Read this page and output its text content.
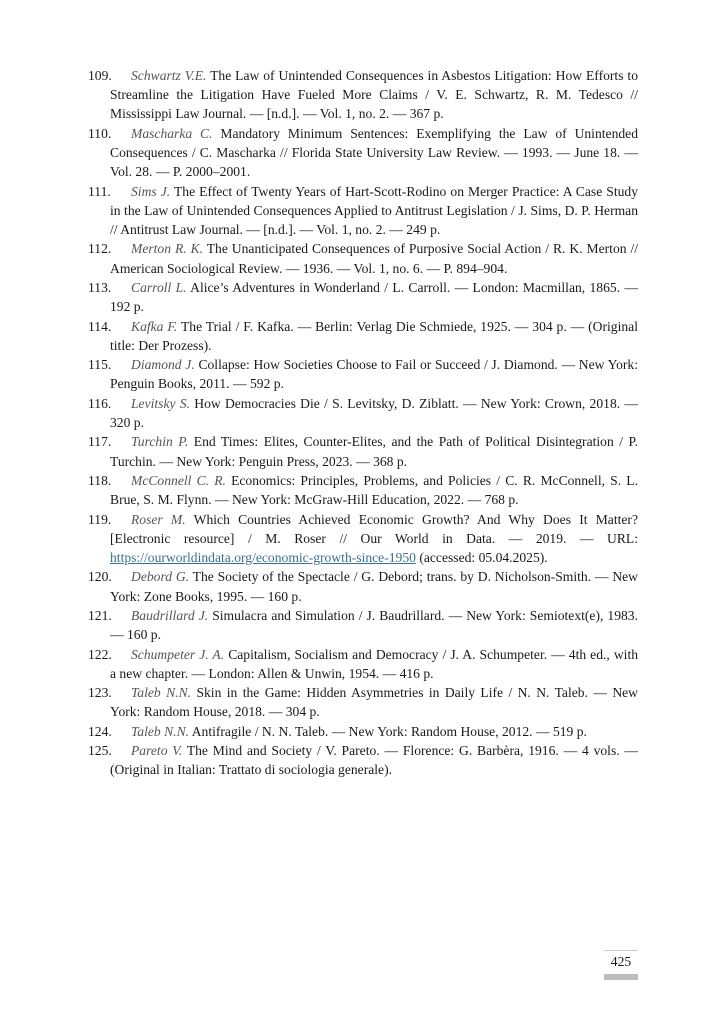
109.	Schwartz V.E. The Law of Unintended Consequences in Asbestos Litigation: How Efforts to Streamline the Litigation Have Fueled More Claims / V. E. Schwartz, R. M. Tedesco // Mississippi Law Journal. — [n.d.]. — Vol. 1, no. 2. — 367 p.
110.	Mascharka C. Mandatory Minimum Sentences: Exemplifying the Law of Unintended Consequences / C. Mascharka // Florida State University Law Review. — 1993. — June 18. — Vol. 28. — P. 2000–2001.
111.	Sims J. The Effect of Twenty Years of Hart-Scott-Rodino on Merger Practice: A Case Study in the Law of Unintended Consequences Applied to Antitrust Legislation / J. Sims, D. P. Herman // Antitrust Law Journal. — [n.d.]. — Vol. 1, no. 2. — 249 p.
112.	Merton R. K. The Unanticipated Consequences of Purposive Social Action / R. K. Merton // American Sociological Review. — 1936. — Vol. 1, no. 6. — P. 894–904.
113.	Carroll L. Alice’s Adventures in Wonderland / L. Carroll. — London: Macmillan, 1865. — 192 p.
114.	Kafka F. The Trial / F. Kafka. — Berlin: Verlag Die Schmiede, 1925. — 304 p. — (Original title: Der Prozess).
115.	Diamond J. Collapse: How Societies Choose to Fail or Succeed / J. Diamond. — New York: Penguin Books, 2011. — 592 p.
116.	Levitsky S. How Democracies Die / S. Levitsky, D. Ziblatt. — New York: Crown, 2018. — 320 p.
117.	Turchin P. End Times: Elites, Counter-Elites, and the Path of Political Disintegration / P. Turchin. — New York: Penguin Press, 2023. — 368 p.
118.	McConnell C. R. Economics: Principles, Problems, and Policies / C. R. McConnell, S. L. Brue, S. M. Flynn. — New York: McGraw-Hill Education, 2022. — 768 p.
119.	Roser M. Which Countries Achieved Economic Growth? And Why Does It Matter? [Electronic resource] / M. Roser // Our World in Data. — 2019. — URL: https://ourworldindata.org/economic-growth-since-1950 (accessed: 05.04.2025).
120.	Debord G. The Society of the Spectacle / G. Debord; trans. by D. Nicholson-Smith. — New York: Zone Books, 1995. — 160 p.
121.	Baudrillard J. Simulacra and Simulation / J. Baudrillard. — New York: Semiotext(e), 1983. — 160 p.
122.	Schumpeter J. A. Capitalism, Socialism and Democracy / J. A. Schumpeter. — 4th ed., with a new chapter. — London: Allen & Unwin, 1954. — 416 p.
123.	Taleb N.N. Skin in the Game: Hidden Asymmetries in Daily Life / N. N. Taleb. — New York: Random House, 2018. — 304 p.
124.	Taleb N.N. Antifragile / N. N. Taleb. — New York: Random House, 2012. — 519 p.
125.	Pareto V. The Mind and Society / V. Pareto. — Florence: G. Barbèra, 1916. — 4 vols. — (Original in Italian: Trattato di sociologia generale).
425
